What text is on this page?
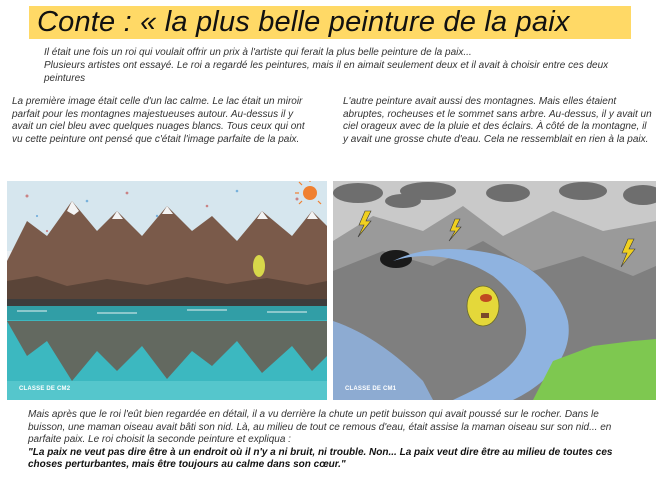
Conte : « la plus belle peinture de la paix
Il était une fois un roi qui voulait offrir un prix à l'artiste qui ferait la plus belle peinture de la paix...
Plusieurs artistes ont essayé. Le roi a regardé les peintures, mais il en aimait seulement deux et il avait à choisir entre ces deux peintures
La première image était celle d'un lac calme. Le lac était un miroir parfait pour les montagnes majestueuses autour. Au-dessus il y avait un ciel bleu avec quelques nuages blancs. Tous ceux qui ont vu cette peinture ont pensé que c'était l'image parfaite de la paix.
L'autre peinture avait aussi des montagnes. Mais elles étaient abruptes, rocheuses et le sommet sans arbre. Au-dessus, il y avait un ciel orageux avec de la pluie et des éclairs. À côté de la montagne, il y avait une grosse chute d'eau. Cela ne ressemblait en rien à la paix.
CLASSE DE CM2	CLASSE DE CM1
Mais après que le roi l'eût bien regardée en détail, il a vu derrière la chute un petit buisson qui avait poussé sur le rocher. Dans le buisson, une maman oiseau avait bâti son nid. Là, au milieu de tout ce remous d'eau, était assise la maman oiseau sur son nid... en parfaite paix. Le roi choisit la seconde peinture et expliqua :
"La paix ne veut pas dire être à un endroit où il n'y a ni bruit, ni trouble. Non... La paix veut dire être au milieu de toutes ces choses perturbantes, mais être toujours au calme dans son cœur."
